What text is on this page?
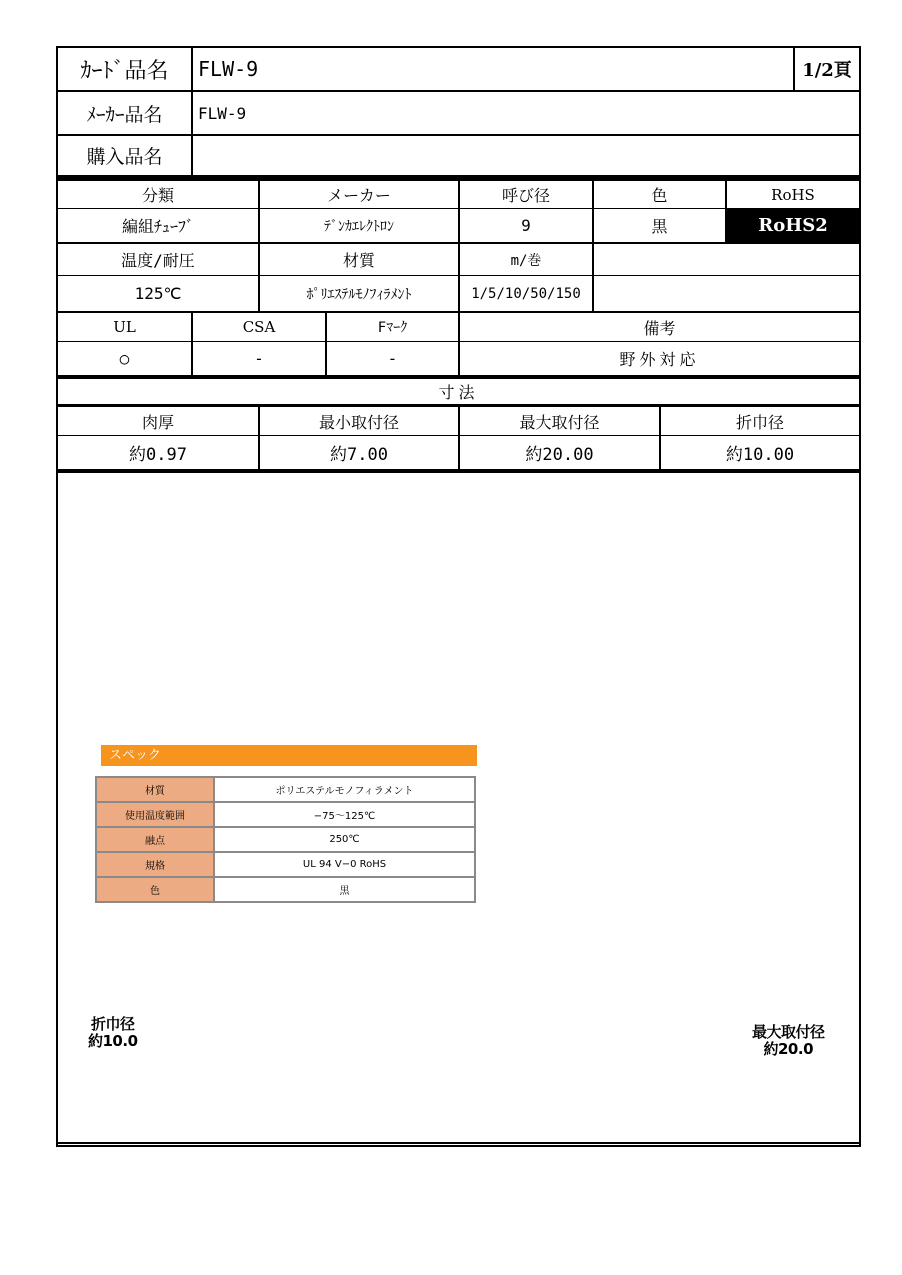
ｶｰﾄﾞ品名	FLW-9	1/2頁
ﾒｰｶｰ品名	FLW-9
購入品名
分類	メーカー	呼び径	色	RoHS
編組ﾁｭｰﾌﾞ	ﾃﾞﾝｶｴﾚｸﾄﾛﾝ	9	黒	RoHS2
温度/耐圧	材質	m/巻
125℃	ﾎﾟﾘｴｽﾃﾙﾓﾉﾌｨﾗﾒﾝﾄ	1/5/10/50/150
UL	CSA	Fﾏｰｸ	備考
○	-	-	野外対応
寸法
肉厚	最小取付径	最大取付径	折巾径
約0.97	約7.00	約20.00	約10.00
スペック
材質	ポリエステルモノフィラメント
使用温度範囲	−75〜125℃
融点	250℃
規格	UL 94 V−0 RoHS
色	黒
折巾径
約10.0	最大取付径
約20.0
